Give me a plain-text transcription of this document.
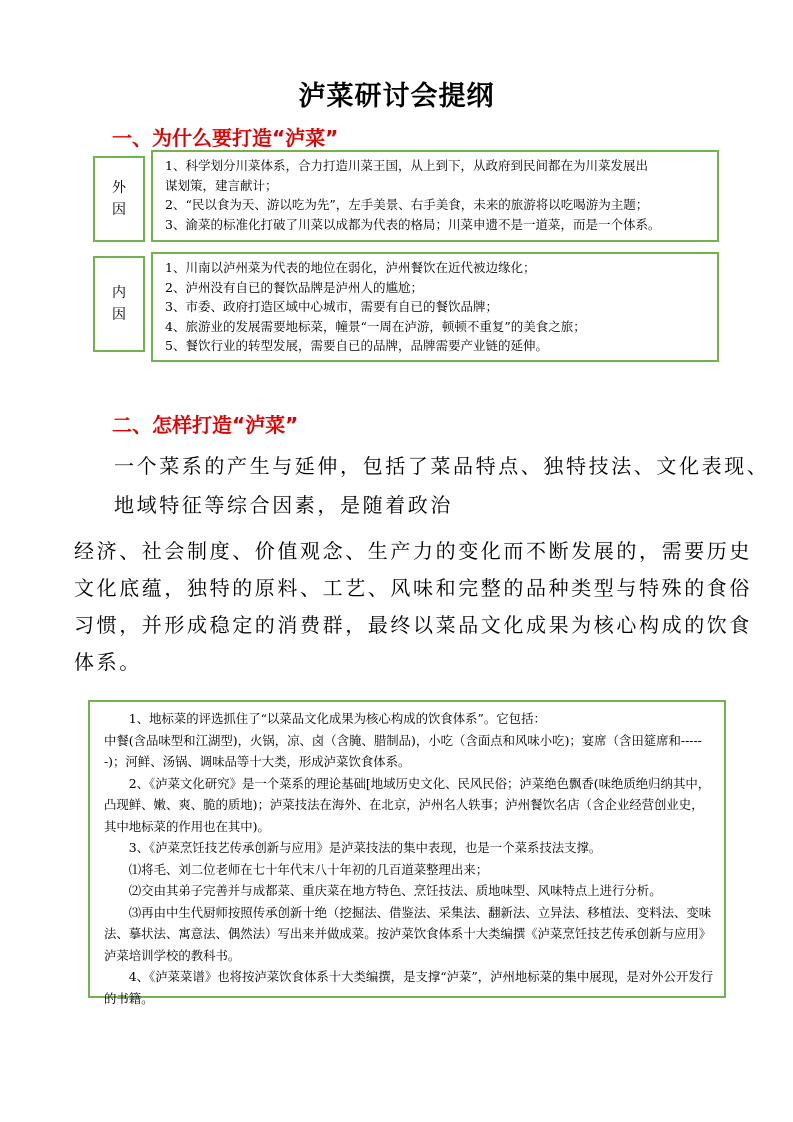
泸菜研讨会提纲
一、为什么要打造“泸菜”
外
因
1、科学划分川菜体系，合力打造川菜王国，从上到下，从政府到民间都在为川菜发展出
谋划策，建言献计；
2、“民以食为天、游以吃为先”，左手美景、右手美食，未来的旅游将以吃喝游为主题；
3、渝菜的标准化打破了川菜以成都为代表的格局；川菜申遗不是一道菜，而是一个体系。
内
因
1、川南以泸州菜为代表的地位在弱化，泸州餐饮在近代被边缘化；
2、泸州没有自已的餐饮品牌是泸州人的尴尬；
3、市委、政府打造区域中心城市，需要有自已的餐饮品牌；
4、旅游业的发展需要地标菜，幢景“一周在泸游，顿顿不重复”的美食之旅；
5、餐饮行业的转型发展，需要自已的品牌，品牌需要产业链的延伸。
二、怎样打造“泸菜”
一个菜系的产生与延伸，包括了菜品特点、独特技法、文化表现、
地域特征等综合因素，是随着政治
经济、社会制度、价值观念、生产力的变化而不断发展的，需要历史
文化底蕴，独特的原料、工艺、风味和完整的品种类型与特殊的食俗
习惯，并形成稳定的消费群，最终以菜品文化成果为核心构成的饮食
体系。

1、地标菜的评选抓住了“以菜品文化成果为核心构成的饮食体系”。它包括：

中餐(含品味型和江湖型)，火锅，凉、卤（含腌、腊制品)，小吃（含面点和风味小吃)；宴席（含田筵席和------)；河鲜、汤锅、调味品等十大类，形成泸菜饮食体系。

2、《泸菜文化研究》是一个菜系的理论基础[地域历史文化、民风民俗；泸菜绝色飘香(味绝质绝归纳其中，凸现鲜、嫩、爽、脆的质地)；泸菜技法在海外、在北京，泸州名人轶事；泸州餐饮名店（含企业经营创业史，其中地标菜的作用也在其中)。

3、《泸菜烹饪技艺传承创新与应用》是泸菜技法的集中表现，也是一个菜系技法支撑。

⑴将毛、刘二位老师在七十年代末八十年初的几百道菜整理出来；

⑵交由其弟子完善并与成都菜、重庆菜在地方特色、烹饪技法、质地味型、风味特点上进行分析。

⑶再由中生代厨师按照传承创新十绝（挖掘法、借鉴法、采集法、翻新法、立异法、移植法、变料法、变味法、摹状法、寓意法、偶然法）写出来并做成菜。按泸菜饮食体系十大类编撰《泸菜烹饪技艺传承创新与应用》泸菜培训学校的教科书。

4、《泸菜菜谱》也将按泸菜饮食体系十大类编撰，是支撑“泸菜”，泸州地标菜的集中展现，是对外公开发行的书籍。
